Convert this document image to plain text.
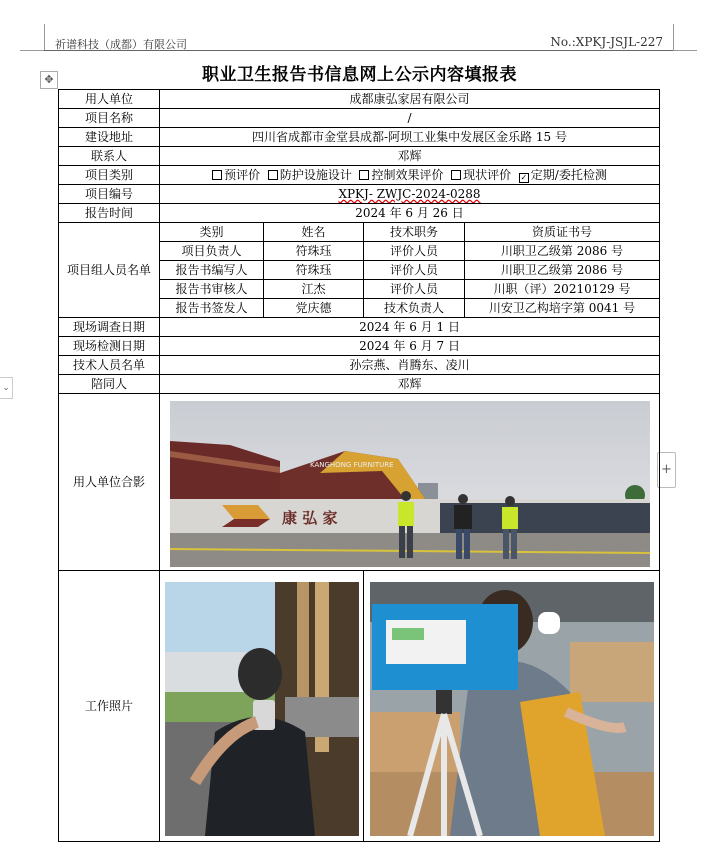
祈谱科技（成都）有限公司	No.:XPKJ-JSJL-227
职业卫生报告书信息网上公示内容填报表
✥
+
⌄
用人单位	成都康弘家居有限公司			
项目名称	/			
建设地址	四川省成都市金堂县成都-阿坝工业集中发展区金乐路 15 号			
联系人	邓辉			
项目类别	预评价 防护设施设计 控制效果评价 现状评价 ✓ 定期/委托检测			
项目编号	XPKJ- ZWJC-2024-0288			
报告时间	2024 年 6 月 26 日			
项目组人员名单	类别	姓名	技术职务	资质证书号
	项目负责人	符珠珏	评价人员	川职卫乙级第 2086 号
	报告书编写人	符珠珏	评价人员	川职卫乙级第 2086 号
	报告书审核人	江杰	评价人员	川职（评）20210129 号
	报告书签发人	党庆德	技术负责人	川安卫乙构培字第 0041 号
现场调查日期	2024 年 6 月 1 日			
现场检测日期	2024 年 6 月 7 日			
技术人员名单	孙宗燕、肖腾东、凌川			
陪同人	邓辉			
用人单位合影	KANGHONG FURNITURE
康 弘 家			

工作照片	
